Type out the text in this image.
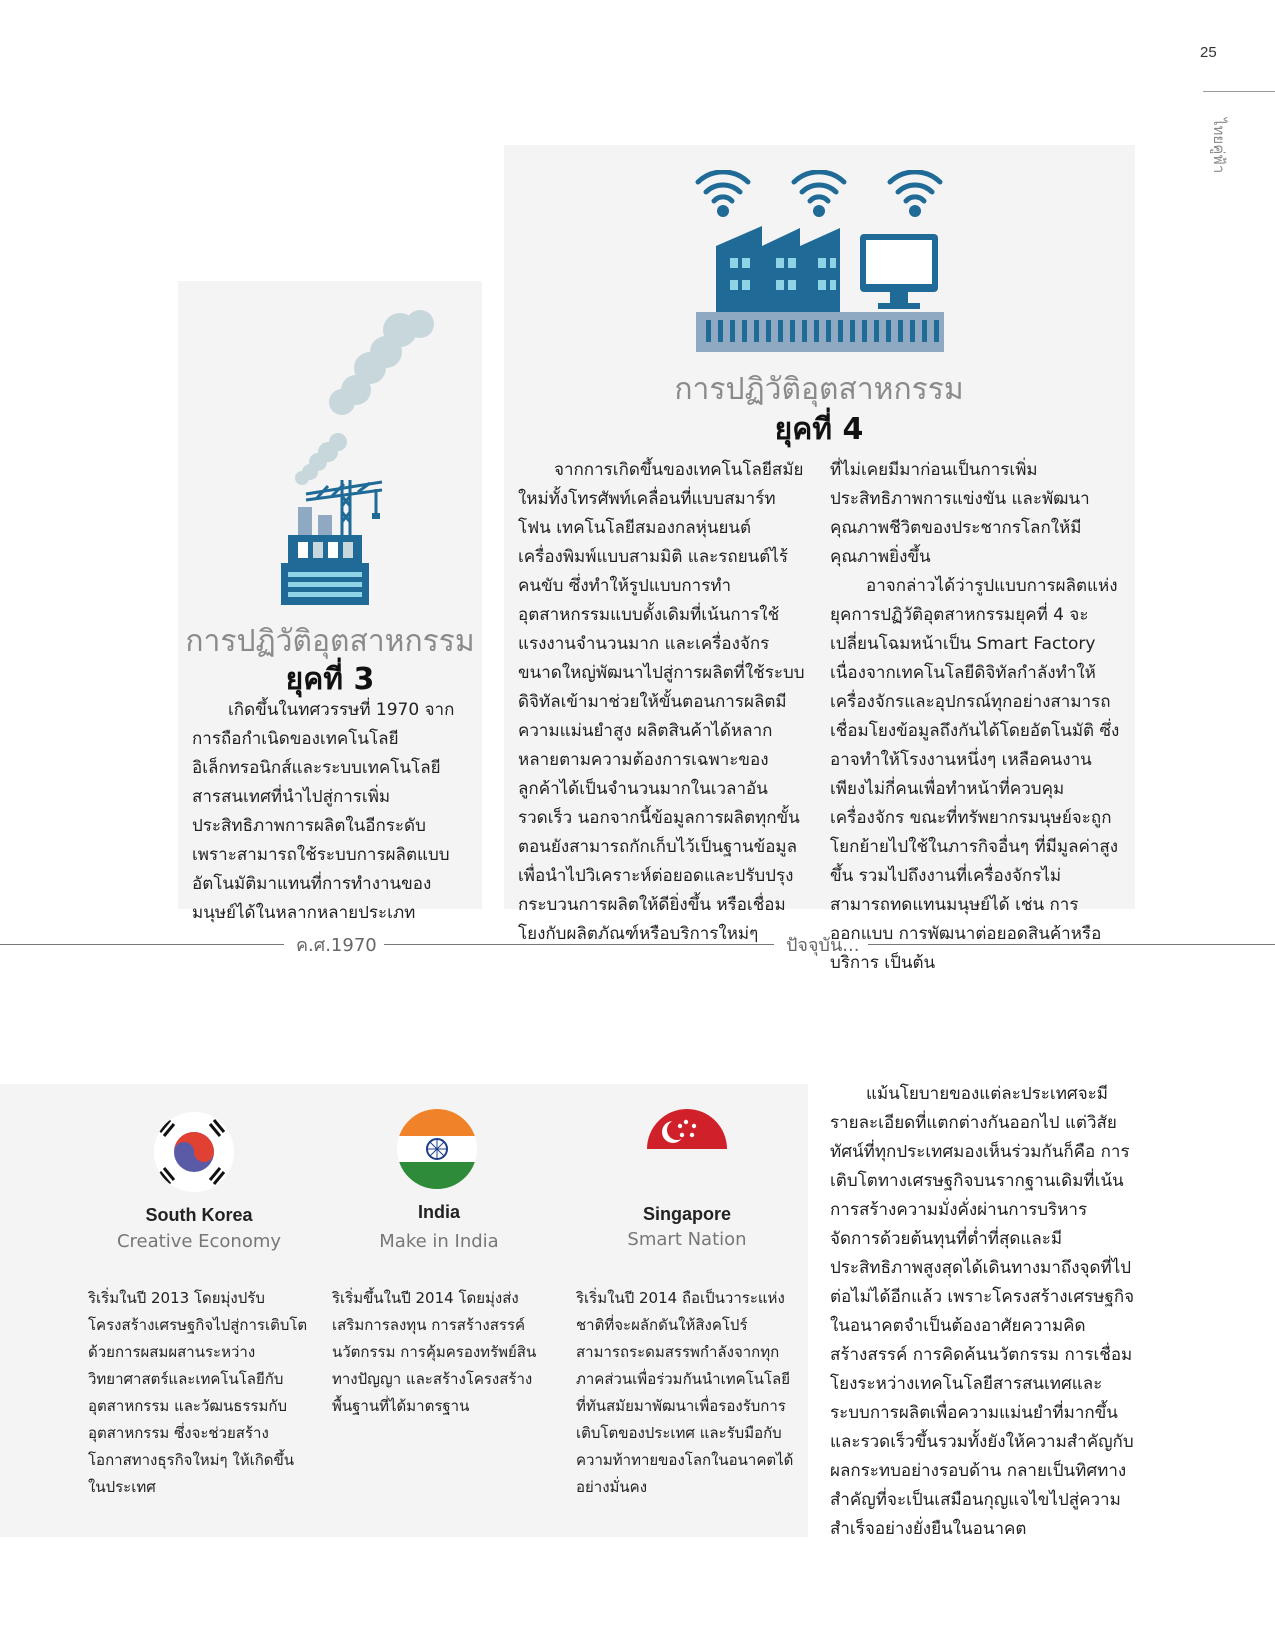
25
ไทยคู่ฟ้า
การปฏิวัติอุตสาหกรรม
ยุคที่ 3

เกิดขึ้นในทศวรรษที่ 1970 จากการถือกำเนิดของเทคโนโลยีอิเล็กทรอนิกส์และระบบเทคโนโลยีสารสนเทศที่นำไปสู่การเพิ่มประสิทธิภาพการผลิตในอีกระดับ เพราะสามารถใช้ระบบการผลิตแบบอัตโนมัติมาแทนที่การทำงานของมนุษย์ได้ในหลากหลายประเภท

การปฏิวัติอุตสาหกรรม
ยุคที่ 4

จากการเกิดขึ้นของเทคโนโลยีสมัยใหม่ทั้งโทรศัพท์เคลื่อนที่แบบสมาร์ทโฟน เทคโนโลยีสมองกลหุ่นยนต์ เครื่องพิมพ์แบบสามมิติ และรถยนต์ไร้คนขับ ซึ่งทำให้รูปแบบการทำอุตสาหกรรมแบบดั้งเดิมที่เน้นการใช้แรงงานจำนวนมาก และเครื่องจักรขนาดใหญ่พัฒนาไปสู่การผลิตที่ใช้ระบบดิจิทัลเข้ามาช่วยให้ขั้นตอนการผลิตมีความแม่นยำสูง ผลิตสินค้าได้หลากหลายตามความต้องการเฉพาะของลูกค้าได้เป็นจำนวนมากในเวลาอันรวดเร็ว นอกจากนี้ข้อมูลการผลิตทุกขั้นตอนยังสามารถกักเก็บไว้เป็นฐานข้อมูลเพื่อนำไปวิเคราะห์ต่อยอดและปรับปรุงกระบวนการผลิตให้ดียิ่งขึ้น หรือเชื่อมโยงกับผลิตภัณฑ์หรือบริการใหม่ๆ

ที่ไม่เคยมีมาก่อนเป็นการเพิ่มประสิทธิภาพการแข่งขัน และพัฒนาคุณภาพชีวิตของประชากรโลกให้มีคุณภาพยิ่งขึ้น

อาจกล่าวได้ว่ารูปแบบการผลิตแห่งยุคการปฏิวัติอุตสาหกรรมยุคที่ 4 จะเปลี่ยนโฉมหน้าเป็น Smart Factory เนื่องจากเทคโนโลยีดิจิทัลกำลังทำให้เครื่องจักรและอุปกรณ์ทุกอย่างสามารถเชื่อมโยงข้อมูลถึงกันได้โดยอัตโนมัติ ซึ่งอาจทำให้โรงงานหนึ่งๆ เหลือคนงานเพียงไม่กี่คนเพื่อทำหน้าที่ควบคุมเครื่องจักร ขณะที่ทรัพยากรมนุษย์จะถูกโยกย้ายไปใช้ในภารกิจอื่นๆ ที่มีมูลค่าสูงขึ้น รวมไปถึงงานที่เครื่องจักรไม่สามารถทดแทนมนุษย์ได้ เช่น การออกแบบ การพัฒนาต่อยอดสินค้าหรือบริการ เป็นต้น

ค.ศ.1970	ปัจจุบัน...
South Korea
Creative Economy

ริเริ่มในปี 2013 โดยมุ่งปรับโครงสร้างเศรษฐกิจไปสู่การเติบโตด้วยการผสมผสานระหว่างวิทยาศาสตร์และเทคโนโลยีกับอุตสาหกรรม และวัฒนธรรมกับอุตสาหกรรม ซึ่งจะช่วยสร้างโอกาสทางธุรกิจใหม่ๆ ให้เกิดขึ้นในประเทศ

India
Make in India

ริเริ่มขึ้นในปี 2014 โดยมุ่งส่งเสริมการลงทุน การสร้างสรรค์นวัตกรรม การคุ้มครองทรัพย์สินทางปัญญา และสร้างโครงสร้างพื้นฐานที่ได้มาตรฐาน

Singapore
Smart Nation

ริเริ่มในปี 2014 ถือเป็นวาระแห่งชาติที่จะผลักดันให้สิงคโปร์สามารถระดมสรรพกำลังจากทุกภาคส่วนเพื่อร่วมกันนำเทคโนโลยีที่ทันสมัยมาพัฒนาเพื่อรองรับการเติบโตของประเทศ และรับมือกับความท้าทายของโลกในอนาคตได้อย่างมั่นคง

แม้นโยบายของแต่ละประเทศจะมีรายละเอียดที่แตกต่างกันออกไป แต่วิสัยทัศน์ที่ทุกประเทศมองเห็นร่วมกันก็คือ การเติบโตทางเศรษฐกิจบนรากฐานเดิมที่เน้นการสร้างความมั่งคั่งผ่านการบริหารจัดการด้วยต้นทุนที่ต่ำที่สุดและมีประสิทธิภาพสูงสุดได้เดินทางมาถึงจุดที่ไปต่อไม่ได้อีกแล้ว เพราะโครงสร้างเศรษฐกิจในอนาคตจำเป็นต้องอาศัยความคิดสร้างสรรค์ การคิดค้นนวัตกรรม การเชื่อมโยงระหว่างเทคโนโลยีสารสนเทศและระบบการผลิตเพื่อความแม่นยำที่มากขึ้น และรวดเร็วขึ้นรวมทั้งยังให้ความสำคัญกับผลกระทบอย่างรอบด้าน กลายเป็นทิศทางสำคัญที่จะเป็นเสมือนกุญแจไขไปสู่ความสำเร็จอย่างยั่งยืนในอนาคต
